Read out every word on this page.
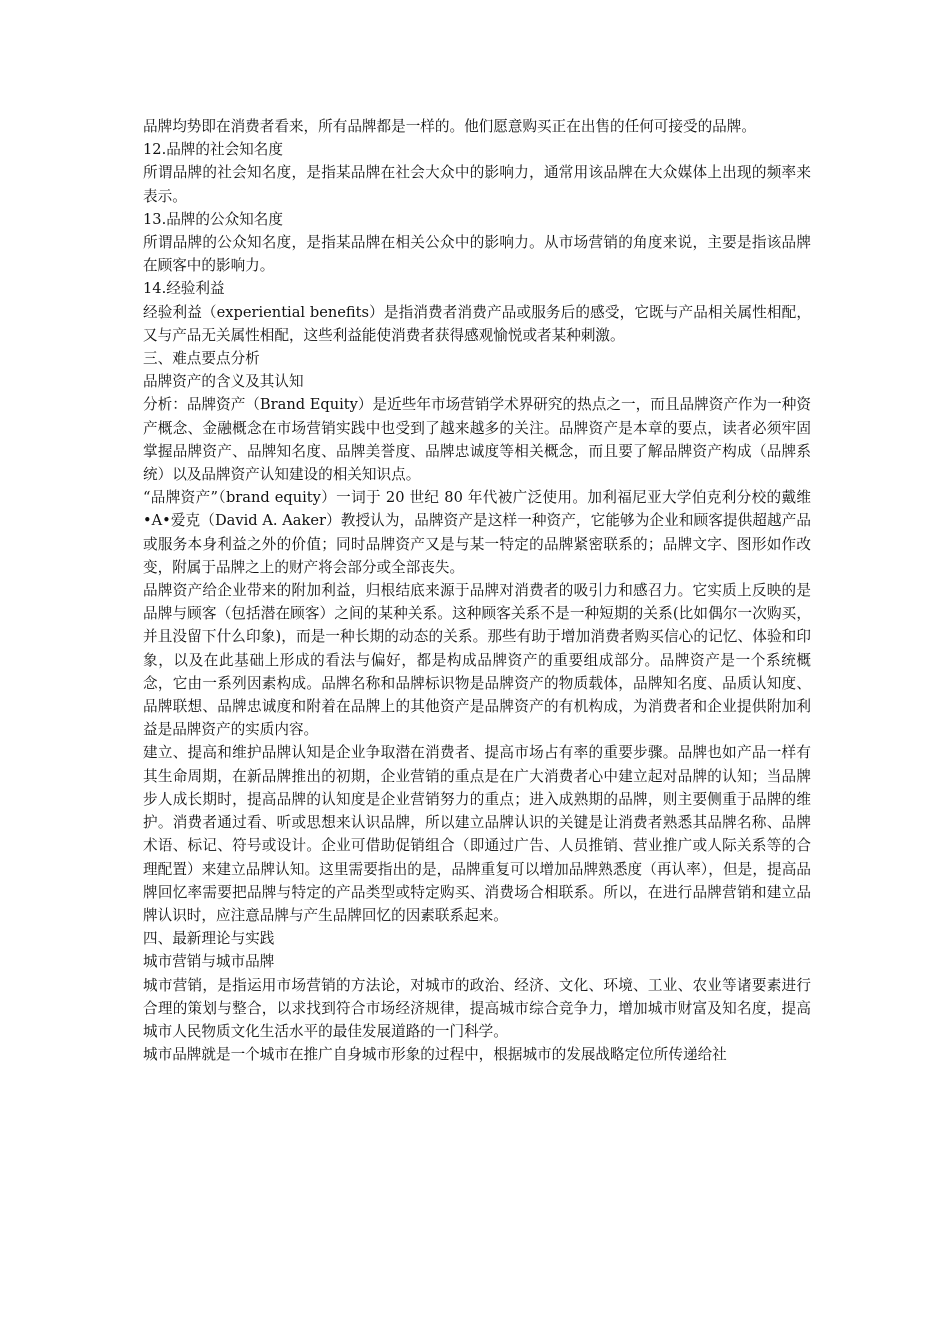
品牌均势即在消费者看来，所有品牌都是一样的。他们愿意购买正在出售的任何可接受的品牌。

12.品牌的社会知名度

所谓品牌的社会知名度，是指某品牌在社会大众中的影响力，通常用该品牌在大众媒体上出现的频率来表示。

13.品牌的公众知名度

所谓品牌的公众知名度，是指某品牌在相关公众中的影响力。从市场营销的角度来说，主要是指该品牌在顾客中的影响力。

14.经验利益

经验利益（experiential benefits）是指消费者消费产品或服务后的感受，它既与产品相关属性相配，又与产品无关属性相配，这些利益能使消费者获得感观愉悦或者某种刺激。

三、难点要点分析

品牌资产的含义及其认知

分析：品牌资产（Brand Equity）是近些年市场营销学术界研究的热点之一，而且品牌资产作为一种资产概念、金融概念在市场营销实践中也受到了越来越多的关注。品牌资产是本章的要点，读者必须牢固掌握品牌资产、品牌知名度、品牌美誉度、品牌忠诚度等相关概念，而且要了解品牌资产构成（品牌系统）以及品牌资产认知建设的相关知识点。

“品牌资产”（brand equity）一词于 20 世纪 80 年代被广泛使用。加利福尼亚大学伯克利分校的戴维•A•爱克（David A. Aaker）教授认为，品牌资产是这样一种资产，它能够为企业和顾客提供超越产品或服务本身利益之外的价值；同时品牌资产又是与某一特定的品牌紧密联系的；品牌文字、图形如作改变，附属于品牌之上的财产将会部分或全部丧失。

品牌资产给企业带来的附加利益，归根结底来源于品牌对消费者的吸引力和感召力。它实质上反映的是品牌与顾客（包括潜在顾客）之间的某种关系。这种顾客关系不是一种短期的关系(比如偶尔一次购买，并且没留下什么印象)，而是一种长期的动态的关系。那些有助于增加消费者购买信心的记忆、体验和印象，以及在此基础上形成的看法与偏好，都是构成品牌资产的重要组成部分。品牌资产是一个系统概念，它由一系列因素构成。品牌名称和品牌标识物是品牌资产的物质载体，品牌知名度、品质认知度、品牌联想、品牌忠诚度和附着在品牌上的其他资产是品牌资产的有机构成，为消费者和企业提供附加利益是品牌资产的实质内容。

建立、提高和维护品牌认知是企业争取潜在消费者、提高市场占有率的重要步骤。品牌也如产品一样有其生命周期，在新品牌推出的初期，企业营销的重点是在广大消费者心中建立起对品牌的认知；当品牌步人成长期时，提高品牌的认知度是企业营销努力的重点；进入成熟期的品牌，则主要侧重于品牌的维护。消费者通过看、听或思想来认识品牌，所以建立品牌认识的关键是让消费者熟悉其品牌名称、品牌术语、标记、符号或设计。企业可借助促销组合（即通过广告、人员推销、营业推广或人际关系等的合理配置）来建立品牌认知。这里需要指出的是，品牌重复可以增加品牌熟悉度（再认率），但是，提高品牌回忆率需要把品牌与特定的产品类型或特定购买、消费场合相联系。所以，在进行品牌营销和建立品牌认识时，应注意品牌与产生品牌回忆的因素联系起来。

四、最新理论与实践

城市营销与城市品牌

城市营销，是指运用市场营销的方法论，对城市的政治、经济、文化、环境、工业、农业等诸要素进行合理的策划与整合，以求找到符合市场经济规律，提高城市综合竞争力，增加城市财富及知名度，提高城市人民物质文化生活水平的最佳发展道路的一门科学。

城市品牌就是一个城市在推广自身城市形象的过程中，根据城市的发展战略定位所传递给社
